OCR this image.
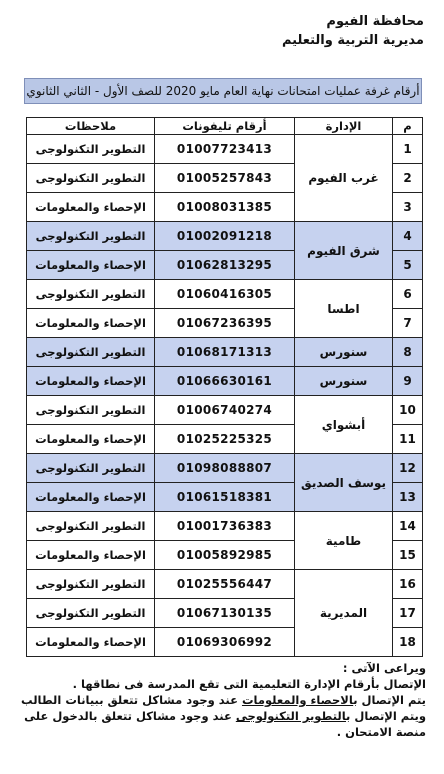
محافظة الفيوم
مديرية التربية والتعليم
أرقام غرفة عمليات امتحانات نهاية العام مايو 2020 للصف الأول - الثاني الثانوي
م	الإدارة	أرقام تليفونات	ملاحظات
1	غرب الفيوم	01007723413	التطوير التكنولوجى
2		01005257843	التطوير التكنولوجى
3		01008031385	الإحصاء والمعلومات
4	شرق الفيوم	01002091218	التطوير التكنولوجى
5		01062813295	الإحصاء والمعلومات
6	اطسا	01060416305	التطوير التكنولوجى
7		01067236395	الإحصاء والمعلومات
8	سنورس	01068171313	التطوير التكنولوجى
9	سنورس	01066630161	الإحصاء والمعلومات
10	أبشواي	01006740274	التطوير التكنولوجى
11		01025225325	الإحصاء والمعلومات
12	يوسف الصديق	01098088807	التطوير التكنولوجى
13		01061518381	الإحصاء والمعلومات
14	طامية	01001736383	التطوير التكنولوجى
15		01005892985	الإحصاء والمعلومات
16	المديرية	01025556447	التطوير التكنولوجى
17		01067130135	التطوير التكنولوجى
18		01069306992	الإحصاء والمعلومات

ويراعى الآتى :

الإتصال بأرقام الإدارة التعليمية التى تقع المدرسة فى نطاقها .

يتم الإتصال بالاحصاء والمعلومات عند وجود مشاكل تتعلق ببيانات الطالب

ويتم الإتصال بالتطوير التكنولوجى عند وجود مشاكل تتعلق بالدخول على منصة الامتحان .
